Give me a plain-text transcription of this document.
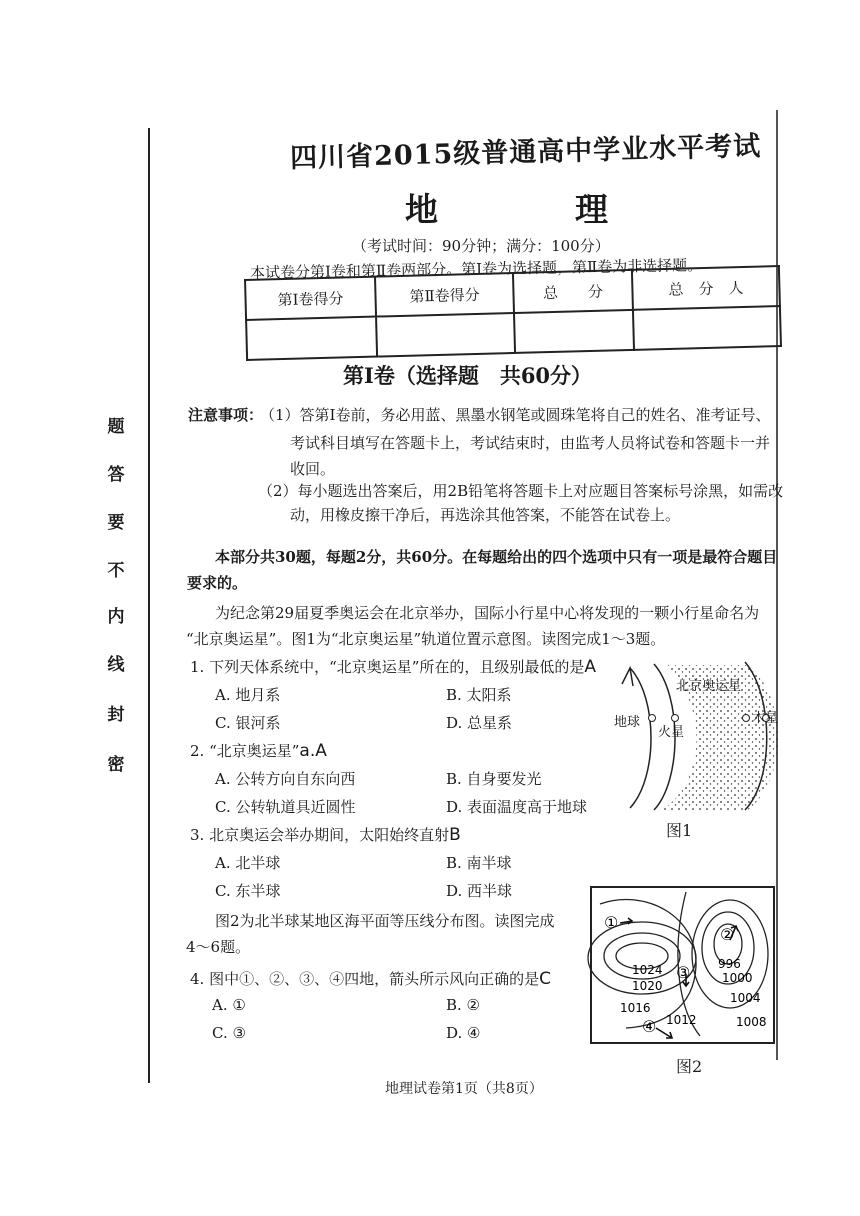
密
封
线
内
不
要
答
题
四川省2015级普通高中学业水平考试
地　理
（考试时间：90分钟；满分：100分）
本试卷分第Ⅰ卷和第Ⅱ卷两部分。第Ⅰ卷为选择题，第Ⅱ卷为非选择题。
第Ⅰ卷得分	第Ⅱ卷得分	总　　分	总　分　人

第Ⅰ卷（选择题　共60分）
注意事项：
（1）答第Ⅰ卷前，务必用蓝、黑墨水钢笔或圆珠笔将自己的姓名、准考证号、
考试科目填写在答题卡上，考试结束时，由监考人员将试卷和答题卡一并
收回。
（2）每小题选出答案后，用2B铅笔将答题卡上对应题目答案标号涂黑，如需改
动，用橡皮擦干净后，再选涂其他答案，不能答在试卷上。
本部分共30题，每题2分，共60分。在每题给出的四个选项中只有一项是最符合题目
要求的。
为纪念第29届夏季奥运会在北京举办，国际小行星中心将发现的一颗小行星命名为
“北京奥运星”。图1为“北京奥运星”轨道位置示意图。读图完成1～3题。
1. 下列天体系统中，“北京奥运星”所在的，且级别最低的是A
A. 地月系	B. 太阳系
C. 银河系	D. 总星系
2. “北京奥运星”a.A
A. 公转方向自东向西	B. 自身要发光
C. 公转轨道具近圆性	D. 表面温度高于地球
3. 北京奥运会举办期间，太阳始终直射B
A. 北半球	B. 南半球
C. 东半球	D. 西半球
图2为北半球某地区海平面等压线分布图。读图完成
4～6题。
4. 图中①、②、③、④四地，箭头所示风向正确的是C
A. ①	B. ②
C. ③	D. ④
北京奥运星
地球
火星
木星
图1
1024
1020
1016
1012
996
1000
1004
1008
①
②
③
④
图2
地理试卷第1页（共8页）
